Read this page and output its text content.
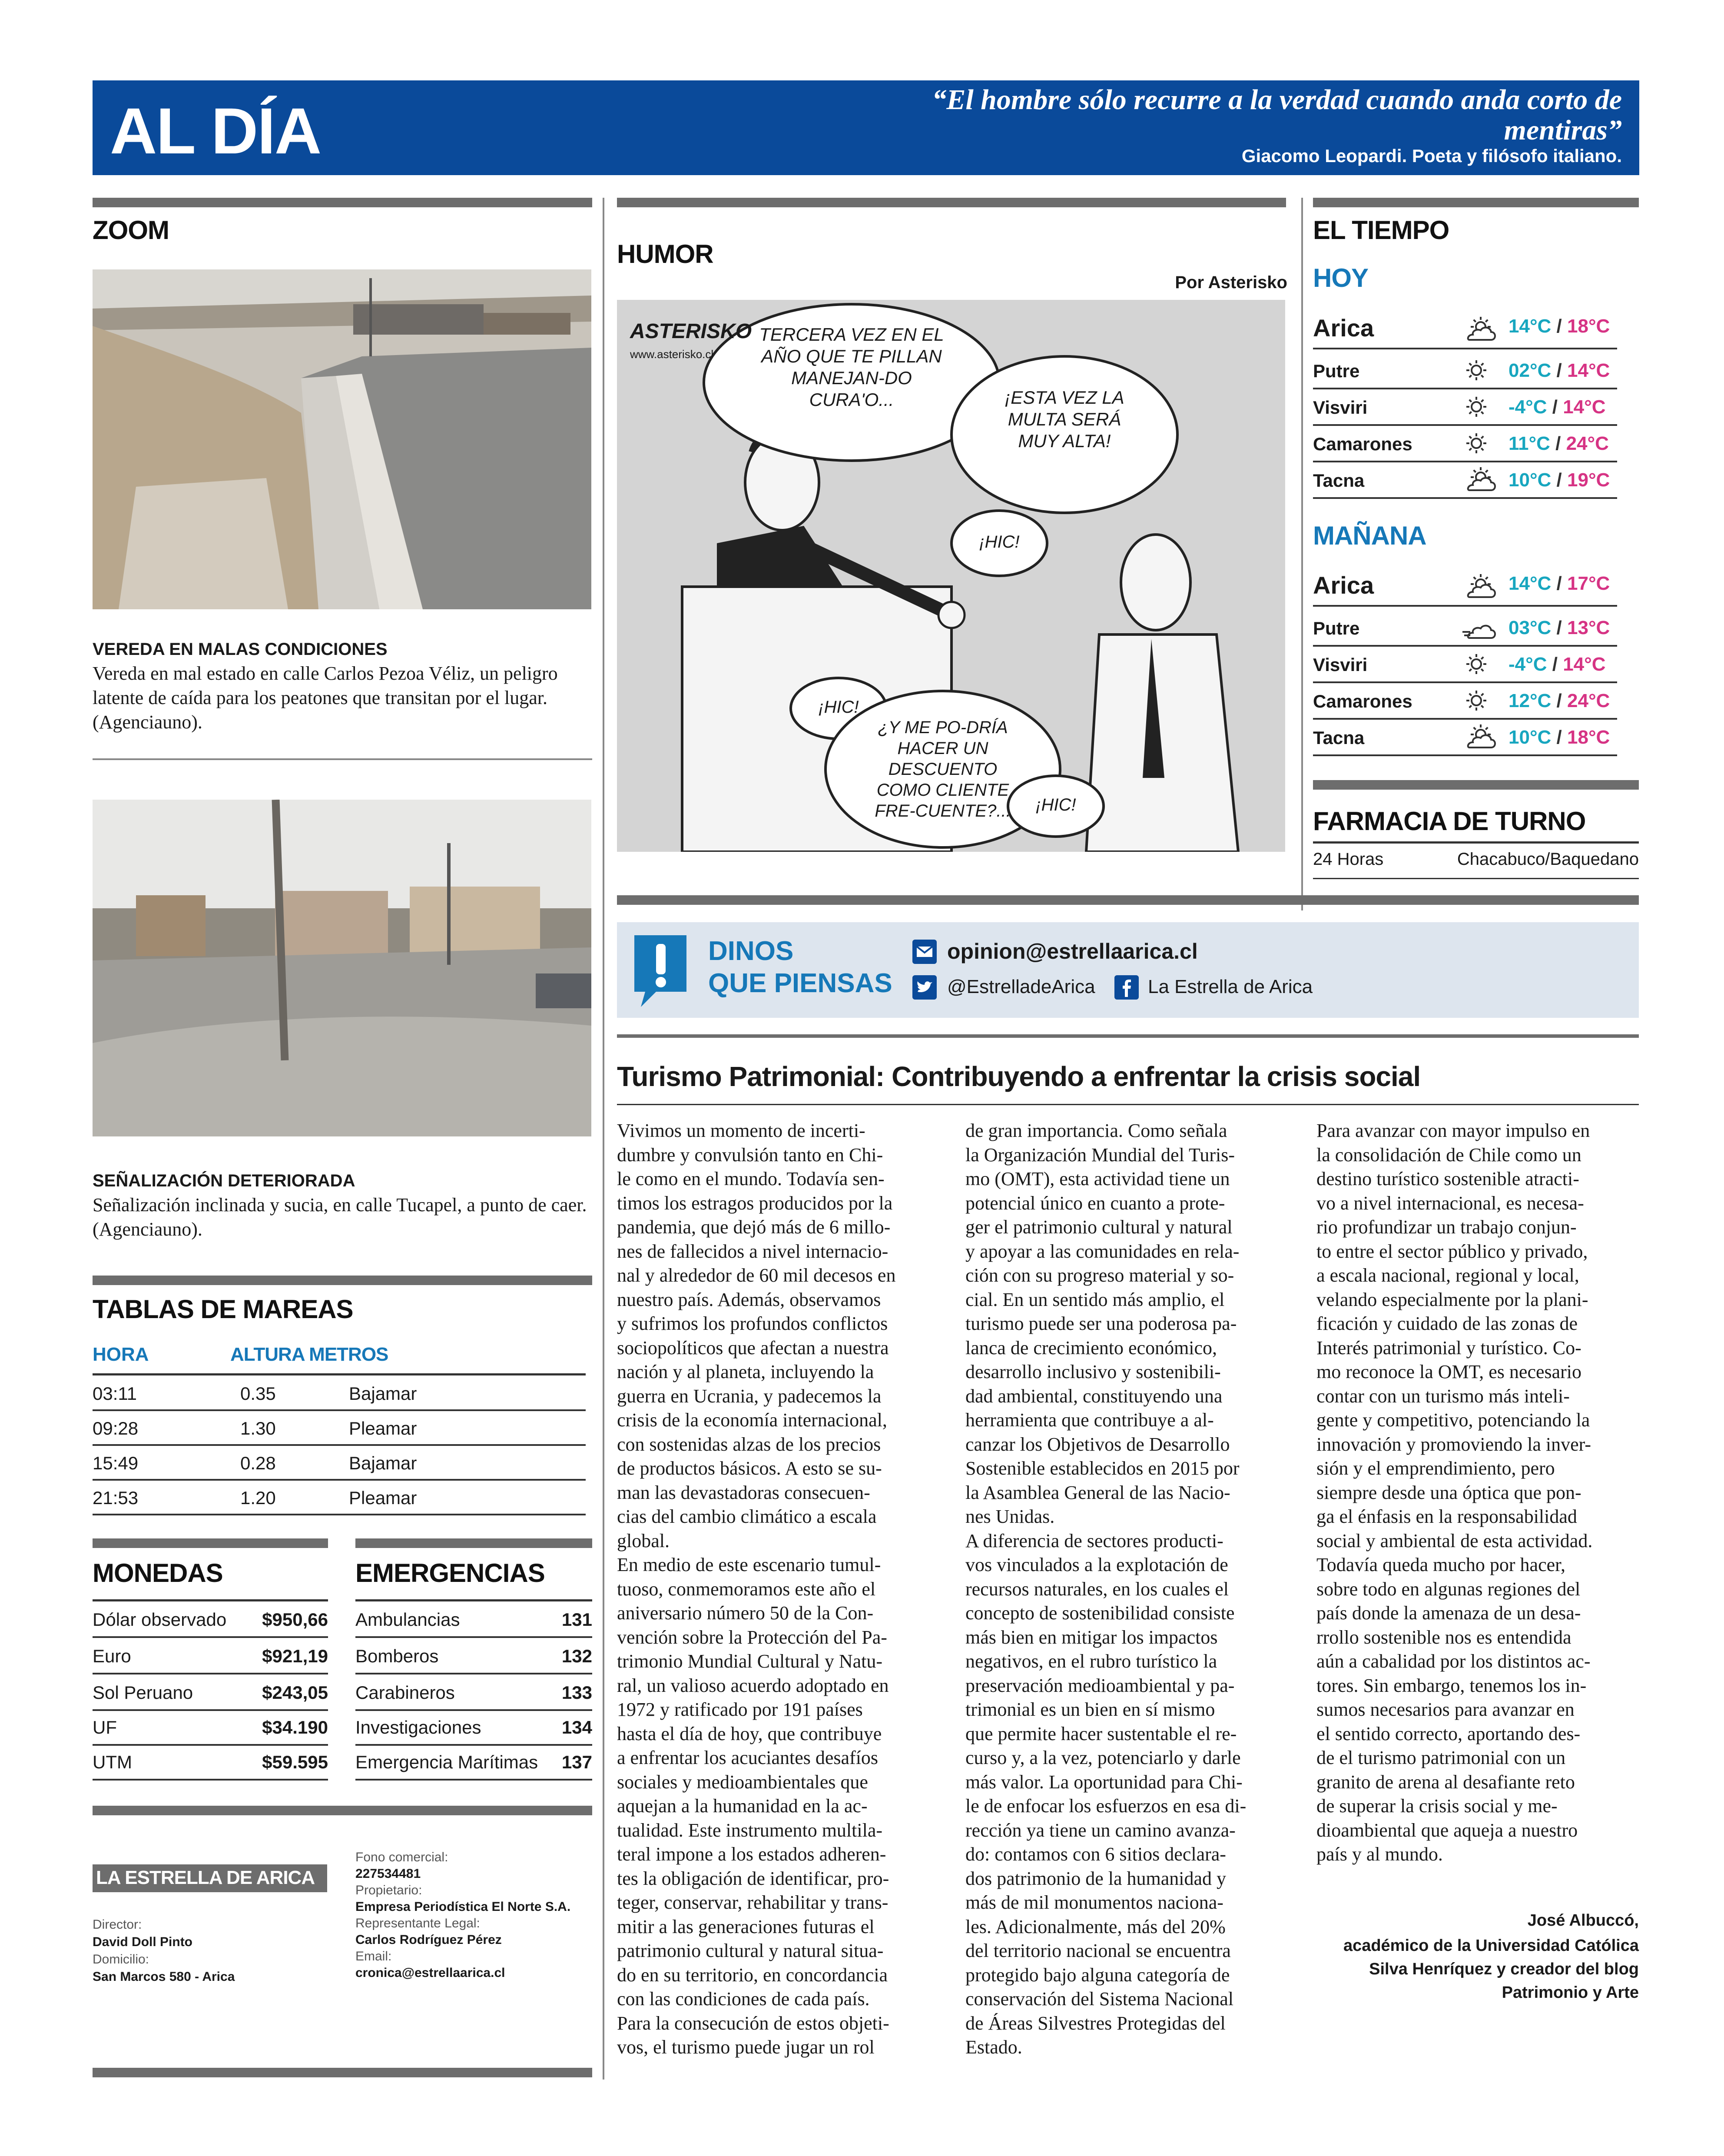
AL DÍA	“El hombre sólo recurre a la verdad cuando anda corto de mentiras”
Giacomo Leopardi. Poeta y filósofo italiano.
ZOOM
VEREDA EN MALAS CONDICIONES
Vereda en mal estado en calle Carlos Pezoa Véliz, un peligro latente de caída para los peatones que transitan por el lugar. (Agenciauno).
SEÑALIZACIÓN DETERIORADA
Señalización inclinada y sucia, en calle Tucapel, a punto de caer. (Agenciauno).
TABLAS DE MAREAS
HORA	ALTURA METROS
03:11	0.35	Bajamar
09:28	1.30	Pleamar
15:49	0.28	Bajamar
21:53	1.20	Pleamar
MONEDAS
Dólar observado $950,66
Euro	$921,19
Sol Peruano	$243,05
UF	$34.190
UTM	$59.595
EMERGENCIAS
Ambulancias	131
Bomberos	132
Carabineros	133
Investigaciones	134
Emergencia Marítimas 137
LA ESTRELLA DE ARICA
Director:
David Doll Pinto
Domicilio:
San Marcos 580 - Arica
Fono comercial:
227534481
Propietario:
Empresa Periodística El Norte S.A.
Representante Legal:
Carlos Rodríguez Pérez
Email:
cronica@estrellaarica.cl
HUMOR
Por Asterisko
ASTERISKO
www.asterisko.cl
TERCERA VEZ EN EL AÑO QUE TE PILLAN MANEJAN-DO CURA'O...	¡ESTA VEZ LA MULTA SERÁ MUY ALTA!
¡HIC!
¡HIC!
¿Y ME PO-DRÍA HACER UN DESCUENTO COMO CLIENTE FRE-CUENTE?...	¡HIC!
EL TIEMPO
HOY
Arica	14°C / 18°C
Putre	02°C / 14°C
Visviri	-4°C / 14°C
Camarones	11°C / 24°C
Tacna	10°C / 19°C
MAÑANA
Arica	14°C / 17°C
Putre	03°C / 13°C
Visviri	-4°C / 14°C
Camarones	12°C / 24°C
Tacna	10°C / 18°C
FARMACIA DE TURNO
24 Horas	Chacabuco/Baquedano
DINOS
QUE PIENSAS
opinion@estrellaarica.cl
@EstrelladeArica	La Estrella de Arica
Turismo Patrimonial: Contribuyendo a enfrentar la crisis social
Vivimos un momento de incerti-
dumbre y convulsión tanto en Chi-
le como en el mundo. Todavía sen-
timos los estragos producidos por la
pandemia, que dejó más de 6 millo-
nes de fallecidos a nivel internacio-
nal y alrededor de 60 mil decesos en
nuestro país. Además, observamos
y sufrimos los profundos conflictos
sociopolíticos que afectan a nuestra
nación y al planeta, incluyendo la
guerra en Ucrania, y padecemos la
crisis de la economía internacional,
con sostenidas alzas de los precios
de productos básicos. A esto se su-
man las devastadoras consecuen-
cias del cambio climático a escala
global.
En medio de este escenario tumul-
tuoso, conmemoramos este año el
aniversario número 50 de la Con-
vención sobre la Protección del Pa-
trimonio Mundial Cultural y Natu-
ral, un valioso acuerdo adoptado en
1972 y ratificado por 191 países
hasta el día de hoy, que contribuye
a enfrentar los acuciantes desafíos
sociales y medioambientales que
aquejan a la humanidad en la ac-
tualidad. Este instrumento multila-
teral impone a los estados adheren-
tes la obligación de identificar, pro-
teger, conservar, rehabilitar y trans-
mitir a las generaciones futuras el
patrimonio cultural y natural situa-
do en su territorio, en concordancia
con las condiciones de cada país.
Para la consecución de estos objeti-
vos, el turismo puede jugar un rol
de gran importancia. Como señala
la Organización Mundial del Turis-
mo (OMT), esta actividad tiene un
potencial único en cuanto a prote-
ger el patrimonio cultural y natural
y apoyar a las comunidades en rela-
ción con su progreso material y so-
cial. En un sentido más amplio, el
turismo puede ser una poderosa pa-
lanca de crecimiento económico,
desarrollo inclusivo y sostenibili-
dad ambiental, constituyendo una
herramienta que contribuye a al-
canzar los Objetivos de Desarrollo
Sostenible establecidos en 2015 por
la Asamblea General de las Nacio-
nes Unidas.
A diferencia de sectores producti-
vos vinculados a la explotación de
recursos naturales, en los cuales el
concepto de sostenibilidad consiste
más bien en mitigar los impactos
negativos, en el rubro turístico la
preservación medioambiental y pa-
trimonial es un bien en sí mismo
que permite hacer sustentable el re-
curso y, a la vez, potenciarlo y darle
más valor. La oportunidad para Chi-
le de enfocar los esfuerzos en esa di-
rección ya tiene un camino avanza-
do: contamos con 6 sitios declara-
dos patrimonio de la humanidad y
más de mil monumentos naciona-
les. Adicionalmente, más del 20%
del territorio nacional se encuentra
protegido bajo alguna categoría de
conservación del Sistema Nacional
de Áreas Silvestres Protegidas del
Estado.
Para avanzar con mayor impulso en
la consolidación de Chile como un
destino turístico sostenible atracti-
vo a nivel internacional, es necesa-
rio profundizar un trabajo conjun-
to entre el sector público y privado,
a escala nacional, regional y local,
velando especialmente por la plani-
ficación y cuidado de las zonas de
Interés patrimonial y turístico. Co-
mo reconoce la OMT, es necesario
contar con un turismo más inteli-
gente y competitivo, potenciando la
innovación y promoviendo la inver-
sión y el emprendimiento, pero
siempre desde una óptica que pon-
ga el énfasis en la responsabilidad
social y ambiental de esta actividad.
Todavía queda mucho por hacer,
sobre todo en algunas regiones del
país donde la amenaza de un desa-
rrollo sostenible nos es entendida
aún a cabalidad por los distintos ac-
tores. Sin embargo, tenemos los in-
sumos necesarios para avanzar en
el sentido correcto, aportando des-
de el turismo patrimonial con un
granito de arena al desafiante reto
de superar la crisis social y me-
dioambiental que aqueja a nuestro
país y al mundo.
José Albuccó,
académico de la Universidad Católica Silva Henríquez y creador del blog Patrimonio y Arte
